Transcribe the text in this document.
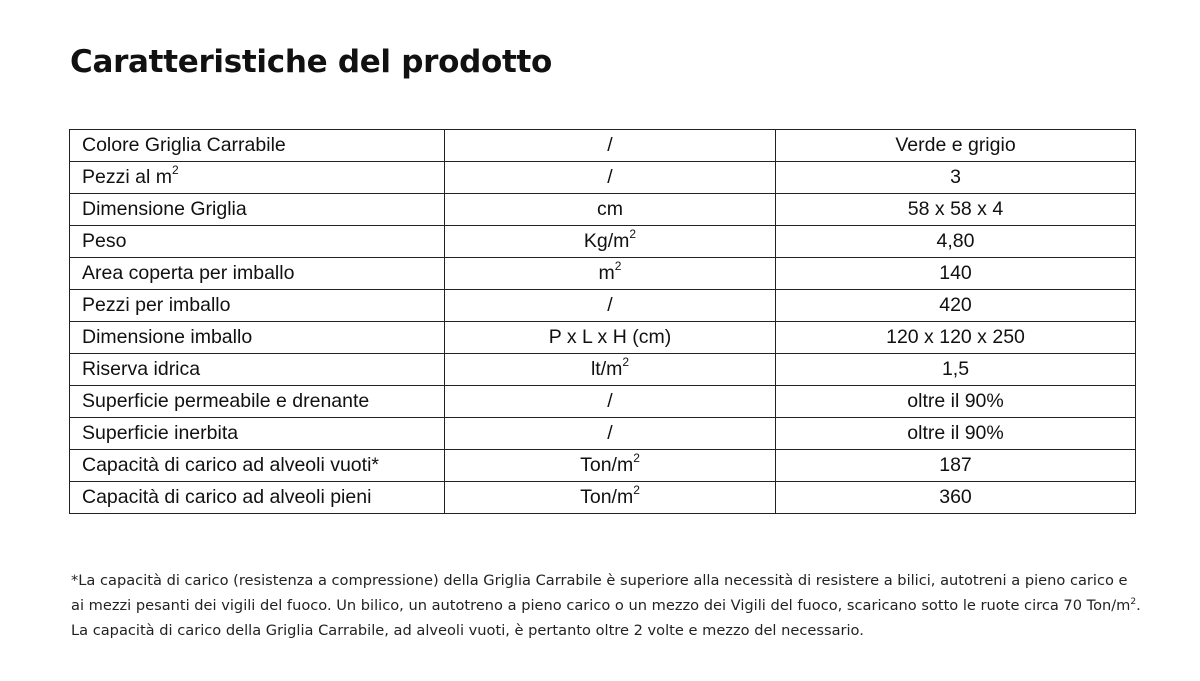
Caratteristiche del prodotto
Colore Griglia Carrabile	/	Verde e grigio
Pezzi al $m^2$	/	3
Dimensione Griglia	cm	58 x 58 x 4
Peso	$Kg/m^2$	4,80
Area coperta per imballo	$m^2$	140
Pezzi per imballo	/	420
Dimensione imballo	P x L x H (cm)	120 x 120 x 250
Riserva idrica	$lt/m^2$	1,5
Superficie permeabile e drenante	/	oltre il 90%
Superficie inerbita	/	oltre il 90%
Capacità di carico ad alveoli vuoti*	Ton/$m^2$	187
Capacità di carico ad alveoli pieni	Ton/$m^2$	360

*La capacità di carico (resistenza a compressione) della Griglia Carrabile è superiore alla necessità di resistere a bilici, autotreni a pieno carico e ai mezzi pesanti dei vigili del fuoco. Un bilico, un autotreno a pieno carico o un mezzo dei Vigili del fuoco, scaricano sotto le ruote circa 70 Ton/$m^2$. La capacità di carico della Griglia Carrabile, ad alveoli vuoti, è pertanto oltre 2 volte e mezzo del necessario.
